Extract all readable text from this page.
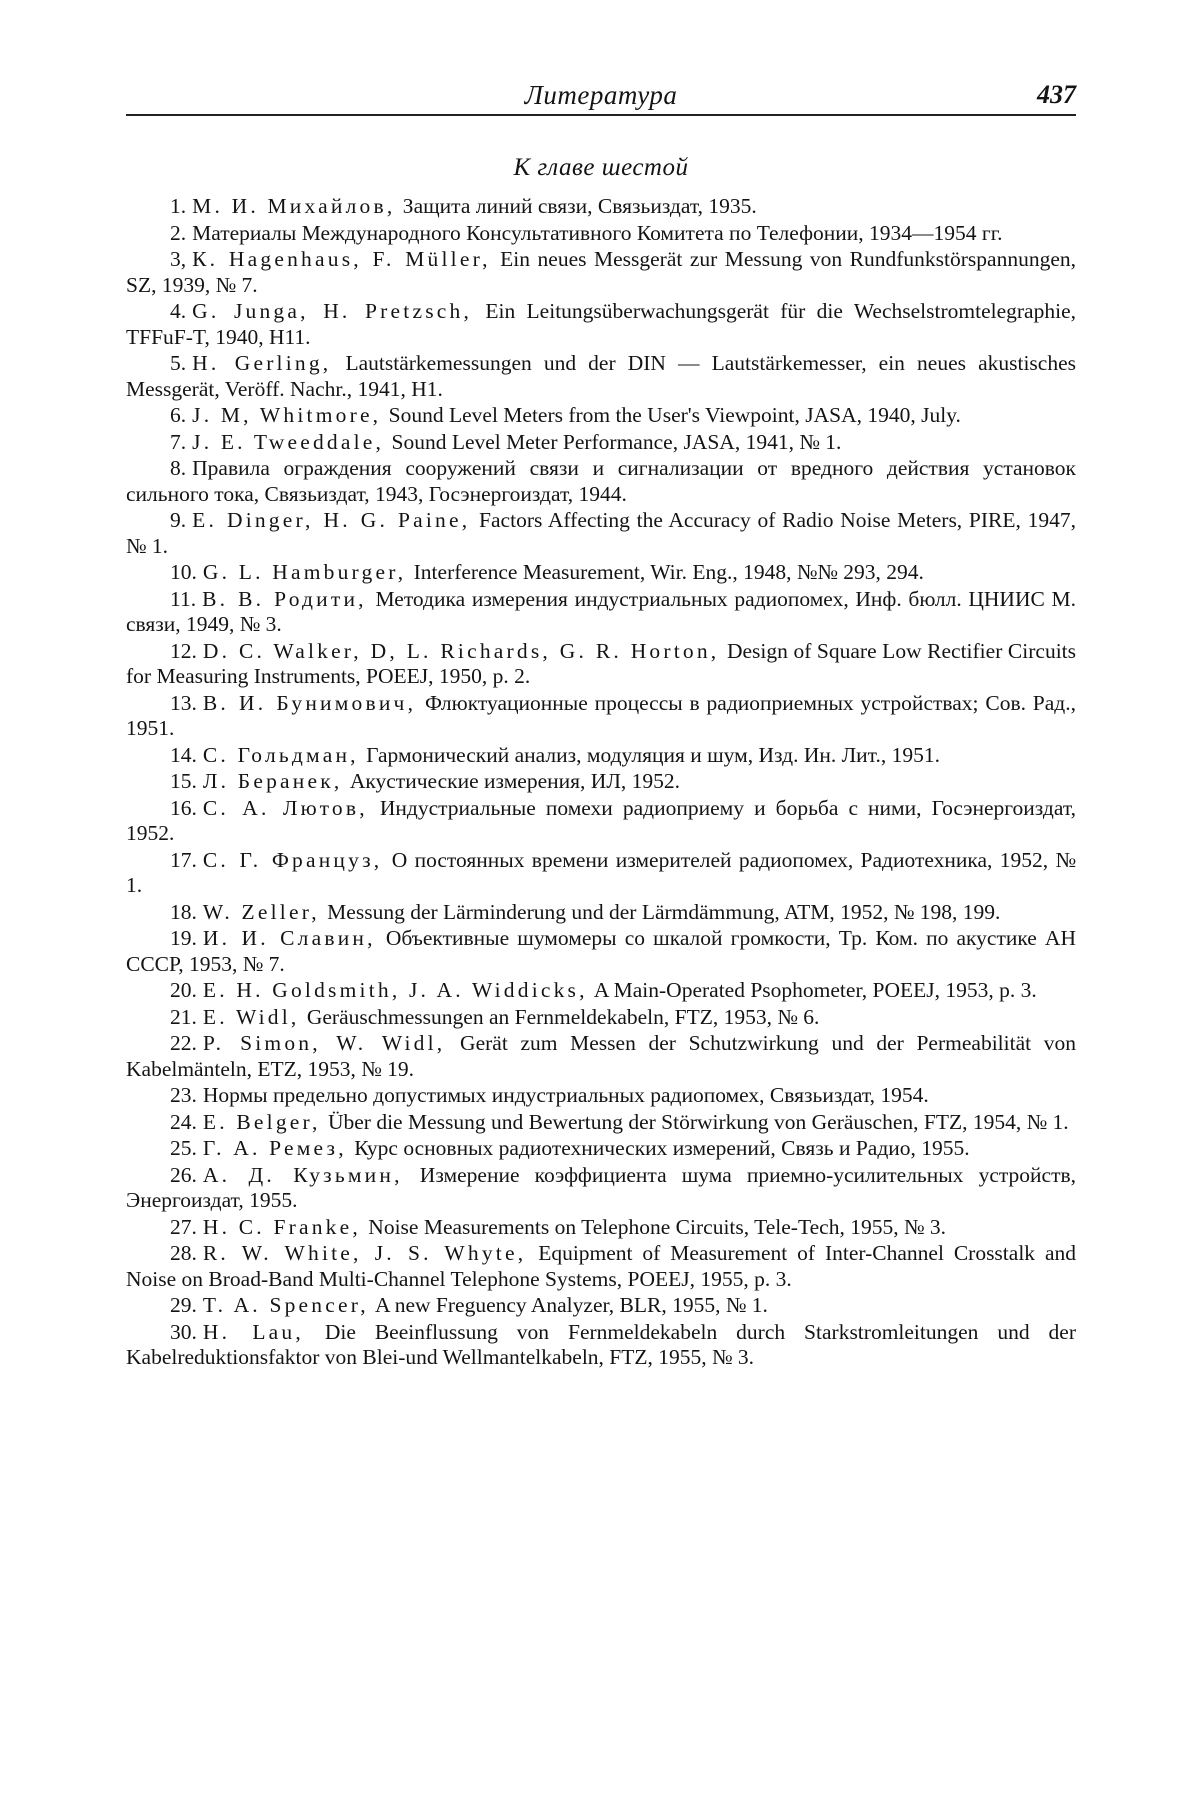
Литература	437
К главе шестой

1. М. И. Михайлов, Защита линий связи, Связьиздат, 1935.

2. Материалы Международного Консультативного Комитета по Телефонии, 1934—1954 гг.

3, К. Hagenhaus, F. Müller, Ein neues Messgerät zur Messung von Rundfunkstörspannungen, SZ, 1939, № 7.

4. G. Junga, H. Pretzsch, Ein Leitungsüberwachungsgerät für die Wechselstromtelegraphie, TFFuF-T, 1940, H11.

5. H. Gerling, Lautstärkemessungen und der DIN — Lautstärkemesser, ein neues akustisches Messgerät, Veröff. Nachr., 1941, H1.

6. J. M, Whitmore, Sound Level Meters from the User's Viewpoint, JASA, 1940, July.

7. J. E. Tweeddale, Sound Level Meter Performance, JASA, 1941, № 1.

8. Правила ограждения сооружений связи и сигнализации от вредного действия установок сильного тока, Связьиздат, 1943, Госэнергоиздат, 1944.

9. E. Dinger, H. G. Paine, Factors Affecting the Accuracy of Radio Noise Meters, PIRE, 1947, № 1.

10. G. L. Hamburger, Interference Measurement, Wir. Eng., 1948, №№ 293, 294.

11. В. В. Родити, Методика измерения индустриальных радиопомех, Инф. бюлл. ЦНИИС М. связи, 1949, № 3.

12. D. C. Walker, D, L. Richards, G. R. Horton, Design of Square Low Rectifier Circuits for Measuring Instruments, POEEJ, 1950, p. 2.

13. В. И. Бунимович, Флюктуационные процессы в радиоприемных устройствах; Сов. Рад., 1951.

14. С. Гольдман, Гармонический анализ, модуляция и шум, Изд. Ин. Лит., 1951.

15. Л. Беранек, Акустические измерения, ИЛ, 1952.

16. С. А. Лютов, Индустриальные помехи радиоприему и борьба с ними, Госэнергоиздат, 1952.

17. С. Г. Францyз, О постоянных времени измерителей радиопомех, Радиотехника, 1952, № 1.

18. W. Zeller, Messung der Lärminderung und der Lärmdämmung, ATM, 1952, № 198, 199.

19. И. И. Славин, Объективные шумомеры со шкалой громкости, Тр. Ком. по акустике АН СССР, 1953, № 7.

20. E. H. Goldsmith, J. A. Widdicks, A Main-Operated Psophometer, POEEJ, 1953, p. 3.

21. E. Widl, Geräuschmessungen an Fernmeldekabeln, FTZ, 1953, № 6.

22. P. Simon, W. Widl, Gerät zum Messen der Schutzwirkung und der Permeabilität von Kabelmänteln, ETZ, 1953, № 19.

23. Нормы предельно допустимых индустриальных радиопомех, Связьиздат, 1954.

24. E. Belger, Über die Messung und Bewertung der Störwirkung von Geräuschen, FTZ, 1954, № 1.

25. Г. А. Ремез, Курс основных радиотехнических измерений, Связь и Радио, 1955.

26. А. Д. Кузьмин, Измерение коэффициента шума приемно-усилительных устройств, Энергоиздат, 1955.

27. H. C. Franke, Noise Measurements on Telephone Circuits, Tele-Tech, 1955, № 3.

28. R. W. White, J. S. Whyte, Equipment of Measurement of Inter-Channel Crosstalk and Noise on Broad-Band Multi-Channel Telephone Systems, POEEJ, 1955, p. 3.

29. T. A. Spencer, A new Freguency Analyzer, BLR, 1955, № 1.

30. H. Lau, Die Beeinflussung von Fernmeldekabeln durch Starkstromleitungen und der Kabelreduktionsfaktor von Blei-und Wellmantelkabeln, FTZ, 1955, № 3.
